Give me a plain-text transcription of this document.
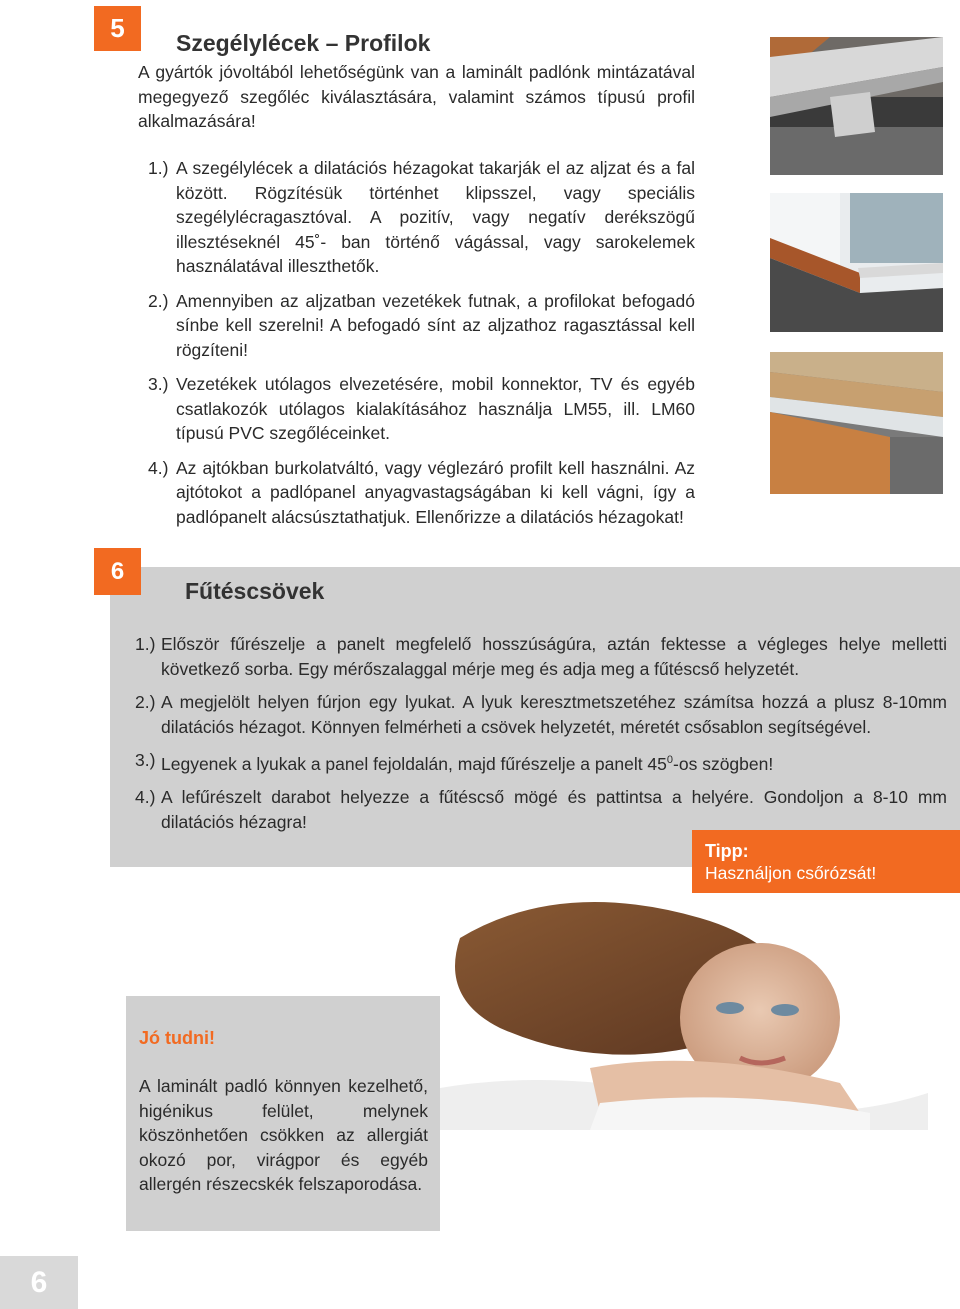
5 Szegélylécek – Profilok

A gyártók jóvoltából lehetőségünk van a laminált padlónk mintázatával megegyező szegőléc kiválasztására, valamint számos típusú profil alkalmazására!

1.) A szegélylécek a dilatációs hézagokat takarják el az aljzat és a fal között. Rögzítésük történhet klipsszel, vagy speciális szegélylécragasztóval. A pozitív, vagy negatív derékszögű illesztéseknél 45˚- ban történő vágással, vagy sarokelemek használatával illeszthetők.

2.) Amennyiben az aljzatban vezetékek futnak, a profilokat befogadó sínbe kell szerelni! A befogadó sínt az aljzathoz ragasztással kell rögzíteni!

3.) Vezetékek utólagos elvezetésére, mobil konnektor, TV és egyéb csatlakozók utólagos kialakításához használja LM55, ill. LM60 típusú PVC szegőléceinket.

4.) Az ajtókban burkolatváltó, vagy véglezáró profilt kell használni. Az ajtótokot a padlópanel anyagvastagságában ki kell vágni, így a padlópanelt alácsúsztathatjuk. Ellenőrizze a dilatációs hézagokat!

6
Fűtéscsövek
1.) Először fűrészelje a panelt megfelelő hosszúságúra, aztán fektesse a végleges helye melletti következő sorba. Egy mérőszalaggal mérje meg és adja meg a fűtéscső helyzetét.

2.) A megjelölt helyen fúrjon egy lyukat. A lyuk keresztmetszetéhez számítsa hozzá a plusz 8-10mm dilatációs hézagot. Könnyen felmérheti a csövek helyzetét, méretét csősablon segítségével.

3.) Legyenek a lyukak a panel fejoldalán, majd fűrészelje a panelt $45^0-os$ szögben!

4.) A lefűrészelt darabot helyezze a fűtéscső mögé és pattintsa a helyére. Gondoljon a 8-10 mm dilatációs hézagra!

Tipp:
Használjon csőrózsát!
Jó tudni!

A laminált padló könnyen kezelhető, higénikus felület, melynek köszönhetően csökken az allergiát okozó por, virágpor és egyéb allergén részecskék felszaporodása.

6
